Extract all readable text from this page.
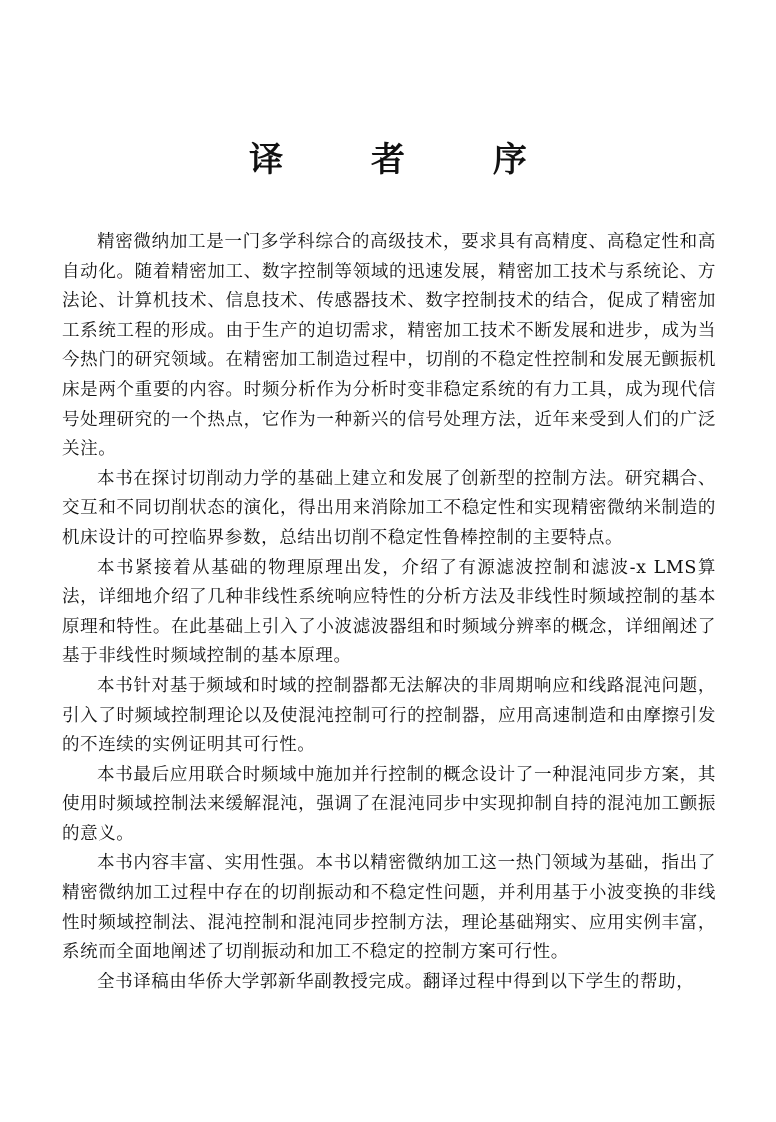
译 者 序

精密微纳加工是一门多学科综合的高级技术，要求具有高精度、高稳定性和高自动化。随着精密加工、数字控制等领域的迅速发展，精密加工技术与系统论、方法论、计算机技术、信息技术、传感器技术、数字控制技术的结合，促成了精密加工系统工程的形成。由于生产的迫切需求，精密加工技术不断发展和进步，成为当今热门的研究领域。在精密加工制造过程中，切削的不稳定性控制和发展无颤振机床是两个重要的内容。时频分析作为分析时变非稳定系统的有力工具，成为现代信号处理研究的一个热点，它作为一种新兴的信号处理方法，近年来受到人们的广泛关注。

本书在探讨切削动力学的基础上建立和发展了创新型的控制方法。研究耦合、交互和不同切削状态的演化，得出用来消除加工不稳定性和实现精密微纳米制造的机床设计的可控临界参数，总结出切削不稳定性鲁棒控制的主要特点。

本书紧接着从基础的物理原理出发，介绍了有源滤波控制和滤波-x LMS算法，详细地介绍了几种非线性系统响应特性的分析方法及非线性时频域控制的基本原理和特性。在此基础上引入了小波滤波器组和时频域分辨率的概念，详细阐述了基于非线性时频域控制的基本原理。

本书针对基于频域和时域的控制器都无法解决的非周期响应和线路混沌问题，引入了时频域控制理论以及使混沌控制可行的控制器，应用高速制造和由摩擦引发的不连续的实例证明其可行性。

本书最后应用联合时频域中施加并行控制的概念设计了一种混沌同步方案，其使用时频域控制法来缓解混沌，强调了在混沌同步中实现抑制自持的混沌加工颤振的意义。

本书内容丰富、实用性强。本书以精密微纳加工这一热门领域为基础，指出了精密微纳加工过程中存在的切削振动和不稳定性问题，并利用基于小波变换的非线性时频域控制法、混沌控制和混沌同步控制方法，理论基础翔实、应用实例丰富，系统而全面地阐述了切削振动和加工不稳定的控制方案可行性。

全书译稿由华侨大学郭新华副教授完成。翻译过程中得到以下学生的帮助，
